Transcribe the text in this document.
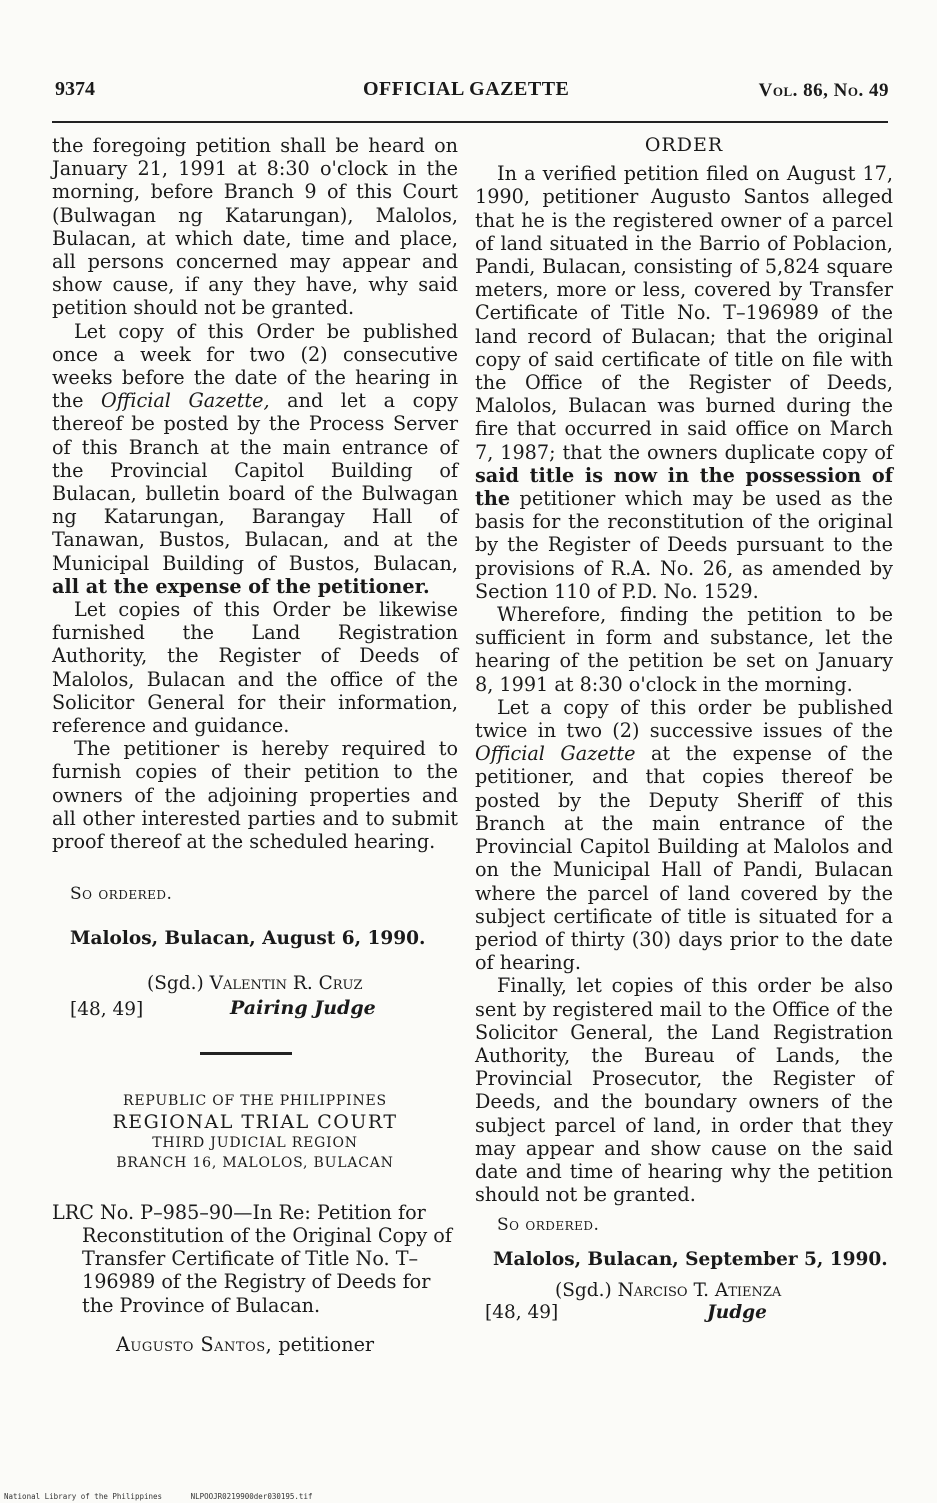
9374	OFFICIAL GAZETTE	Vol. 86, No. 49

the foregoing petition shall be heard on January 21, 1991 at 8:30 o'clock in the morning, before Branch 9 of this Court (Bulwagan ng Katarungan), Malolos, Bulacan, at which date, time and place, all persons concerned may appear and show cause, if any they have, why said petition should not be granted.

Let copy of this Order be published once a week for two (2) consecutive weeks before the date of the hearing in the Official Gazette, and let a copy thereof be posted by the Process Server of this Branch at the main entrance of the Provincial Capitol Building of Bulacan, bulletin board of the Bulwagan ng Katarungan, Barangay Hall of Tanawan, Bustos, Bulacan, and at the Municipal Building of Bustos, Bulacan, all at the expense of the petitioner.

Let copies of this Order be likewise furnished the Land Registration Authority, the Register of Deeds of Malolos, Bulacan and the office of the Solicitor General for their information, reference and guidance.

The petitioner is hereby required to furnish copies of their petition to the owners of the adjoining properties and all other interested parties and to submit proof thereof at the scheduled hearing.

So ordered.
Malolos, Bulacan, August 6, 1990.
(Sgd.) Valentin R. Cruz
[48, 49]	Pairing Judge
REPUBLIC OF THE PHILIPPINES
REGIONAL TRIAL COURT
THIRD JUDICIAL REGION
BRANCH 16, MALOLOS, BULACAN

LRC No. P–985–90—In Re: Petition for Reconstitution of the Original Copy of Transfer Certificate of Title No. T–196989 of the Registry of Deeds for the Province of Bulacan.

Augusto Santos, petitioner
ORDER

In a verified petition filed on August 17, 1990, petitioner Augusto Santos alleged that he is the registered owner of a parcel of land situated in the Barrio of Poblacion, Pandi, Bulacan, consisting of 5,824 square meters, more or less, covered by Transfer Certificate of Title No. T–196989 of the land record of Bulacan; that the original copy of said certificate of title on file with the Office of the Register of Deeds, Malolos, Bulacan was burned during the fire that occurred in said office on March 7, 1987; that the owners duplicate copy of said title is now in the possession of the petitioner which may be used as the basis for the reconstitution of the original by the Register of Deeds pursuant to the provisions of R.A. No. 26, as amended by Section 110 of P.D. No. 1529.

Wherefore, finding the petition to be sufficient in form and substance, let the hearing of the petition be set on January 8, 1991 at 8:30 o'clock in the morning.

Let a copy of this order be published twice in two (2) successive issues of the Official Gazette at the expense of the petitioner, and that copies thereof be posted by the Deputy Sheriff of this Branch at the main entrance of the Provincial Capitol Building at Malolos and on the Municipal Hall of Pandi, Bulacan where the parcel of land covered by the subject certificate of title is situated for a period of thirty (30) days prior to the date of hearing.

Finally, let copies of this order be also sent by registered mail to the Office of the Solicitor General, the Land Registration Authority, the Bureau of Lands, the Provincial Prosecutor, the Register of Deeds, and the boundary owners of the subject parcel of land, in order that they may appear and show cause on the said date and time of hearing why the petition should not be granted.

So ordered.
Malolos, Bulacan, September 5, 1990.
(Sgd.) Narciso T. Atienza
[48, 49]	Judge
National Library of the Philippines	NLPOOJR0219900der030195.tif
